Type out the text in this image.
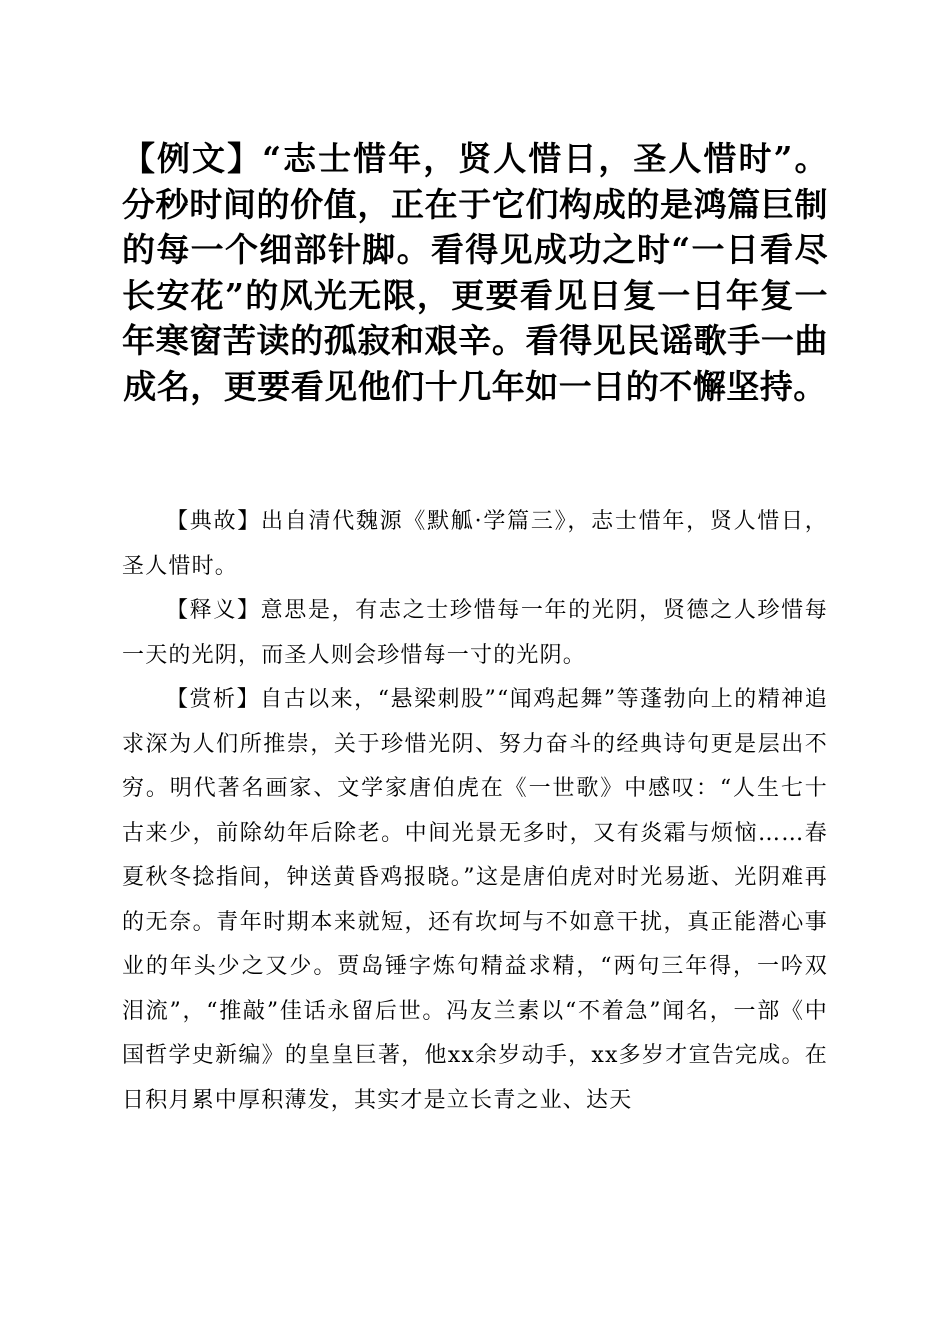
【例文】“志士惜年，贤人惜日，圣人惜时”。分秒时间的价值，正在于它们构成的是鸿篇巨制的每一个细部针脚。看得见成功之时“一日看尽长安花”的风光无限，更要看见日复一日年复一年寒窗苦读的孤寂和艰辛。看得见民谣歌手一曲成名，更要看见他们十几年如一日的不懈坚持。

【典故】出自清代魏源《默觚·学篇三》，志士惜年，贤人惜日，圣人惜时。

【释义】意思是，有志之士珍惜每一年的光阴，贤德之人珍惜每一天的光阴，而圣人则会珍惜每一寸的光阴。

【赏析】自古以来，“悬梁刺股”“闻鸡起舞”等蓬勃向上的精神追求深为人们所推崇，关于珍惜光阴、努力奋斗的经典诗句更是层出不穷。明代著名画家、文学家唐伯虎在《一世歌》中感叹：“人生七十古来少，前除幼年后除老。中间光景无多时，又有炎霜与烦恼……春夏秋冬捻指间，钟送黄昏鸡报晓。”这是唐伯虎对时光易逝、光阴难再的无奈。青年时期本来就短，还有坎坷与不如意干扰，真正能潜心事业的年头少之又少。贾岛锤字炼句精益求精，“两句三年得，一吟双泪流”，“推敲”佳话永留后世。冯友兰素以“不着急”闻名，一部《中国哲学史新编》的皇皇巨著，他xx余岁动手，xx多岁才宣告完成。在日积月累中厚积薄发，其实才是立长青之业、达天
